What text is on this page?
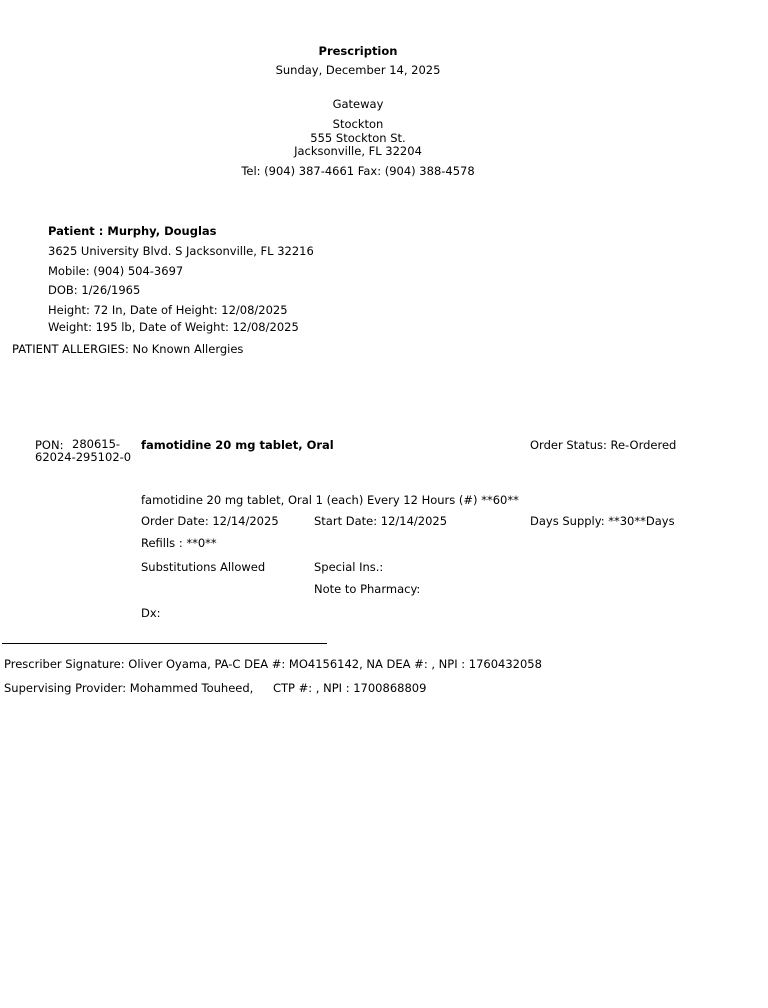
Prescription
Sunday, December 14, 2025
Gateway
Stockton
555 Stockton St.
Jacksonville, FL 32204
Tel: (904) 387-4661 Fax: (904) 388-4578
Patient : Murphy, Douglas
3625 University Blvd. S Jacksonville, FL 32216
Mobile: (904) 504-3697
DOB: 1/26/1965
Height: 72 In, Date of Height: 12/08/2025
Weight: 195 lb, Date of Weight: 12/08/2025
PATIENT ALLERGIES: No Known Allergies
PON: 280615-
62024-295102-0
famotidine 20 mg tablet, Oral	Order Status: Re-Ordered
famotidine 20 mg tablet, Oral 1 (each) Every 12 Hours (#) **60**
Order Date: 12/14/2025	Start Date: 12/14/2025	Days Supply: **30**Days
Refills : **0**
Substitutions Allowed	Special Ins.:
Note to Pharmacy:
Dx:
Prescriber Signature: Oliver Oyama, PA-C DEA #: MO4156142, NA DEA #: , NPI : 1760432058
Supervising Provider: Mohammed Touheed, CTP #: , NPI : 1700868809
